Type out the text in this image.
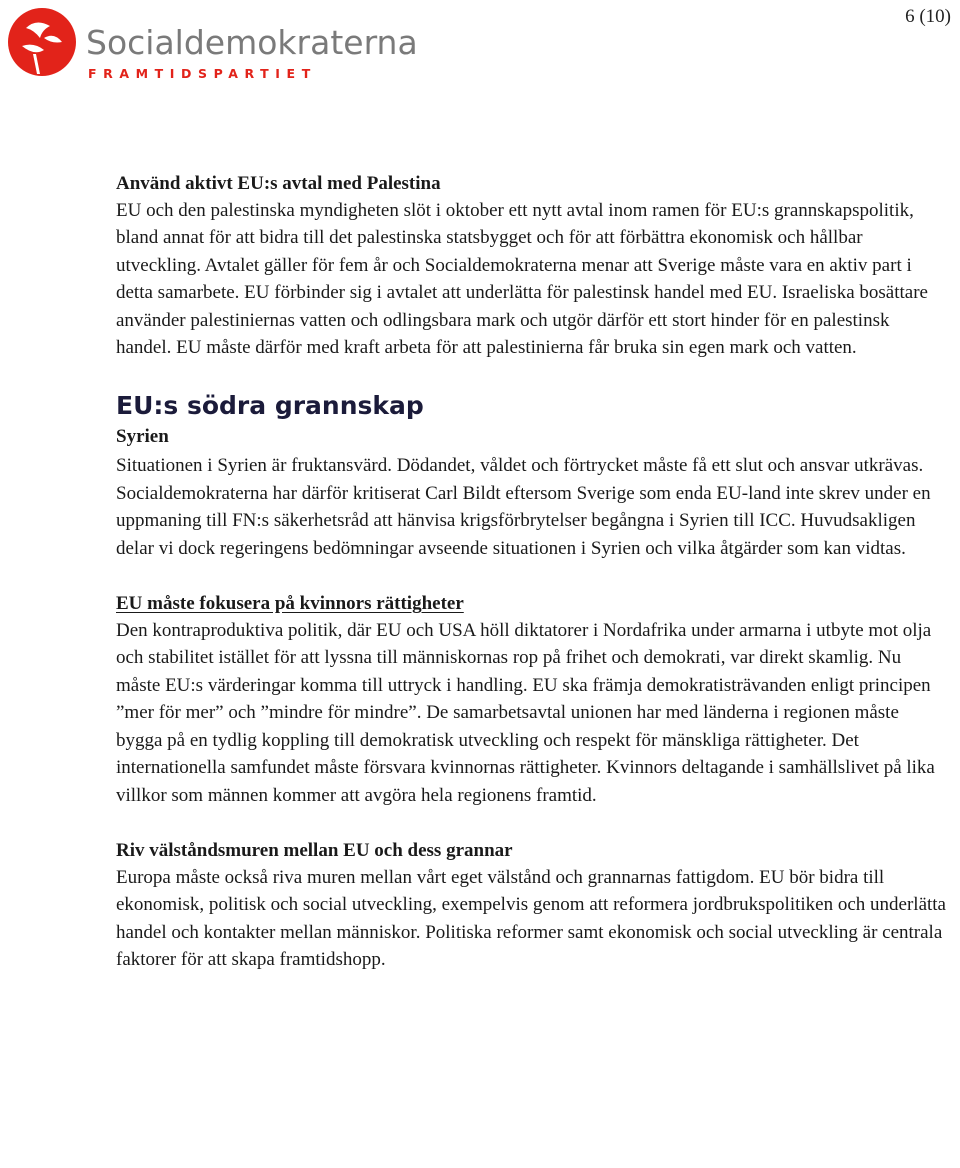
Socialdemokraterna
FRAMTIDSPARTIET
6 (10)
Använd aktivt EU:s avtal med Palestina

EU och den palestinska myndigheten slöt i oktober ett nytt avtal inom ramen för EU:s grannskapspolitik, bland annat för att bidra till det palestinska statsbygget och för att förbättra ekonomisk och hållbar utveckling. Avtalet gäller för fem år och Socialdemokraterna menar att Sverige måste vara en aktiv part i detta samarbete. EU förbinder sig i avtalet att underlätta för palestinsk handel med EU. Israeliska bosättare använder palestiniernas vatten och odlingsbara mark och utgör därför ett stort hinder för en palestinsk handel. EU måste därför med kraft arbeta för att palestinierna får bruka sin egen mark och vatten.

EU:s södra grannskap
Syrien

Situationen i Syrien är fruktansvärd. Dödandet, våldet och förtrycket måste få ett slut och ansvar utkrävas. Socialdemokraterna har därför kritiserat Carl Bildt eftersom Sverige som enda EU-land inte skrev under en uppmaning till FN:s säkerhetsråd att hänvisa krigsförbrytelser begångna i Syrien till ICC. Huvudsakligen delar vi dock regeringens bedömningar avseende situationen i Syrien och vilka åtgärder som kan vidtas.

EU måste fokusera på kvinnors rättigheter

Den kontraproduktiva politik, där EU och USA höll diktatorer i Nordafrika under armarna i utbyte mot olja och stabilitet istället för att lyssna till människornas rop på frihet och demokrati, var direkt skamlig. Nu måste EU:s värderingar komma till uttryck i handling. EU ska främja demokratisträvanden enligt principen ”mer för mer” och ”mindre för mindre”. De samarbetsavtal unionen har med länderna i regionen måste bygga på en tydlig koppling till demokratisk utveckling och respekt för mänskliga rättigheter. Det internationella samfundet måste försvara kvinnornas rättigheter. Kvinnors deltagande i samhällslivet på lika villkor som männen kommer att avgöra hela regionens framtid.

Riv välståndsmuren mellan EU och dess grannar

Europa måste också riva muren mellan vårt eget välstånd och grannarnas fattigdom. EU bör bidra till ekonomisk, politisk och social utveckling, exempelvis genom att reformera jordbrukspolitiken och underlätta handel och kontakter mellan människor. Politiska reformer samt ekonomisk och social utveckling är centrala faktorer för att skapa framtidshopp.
